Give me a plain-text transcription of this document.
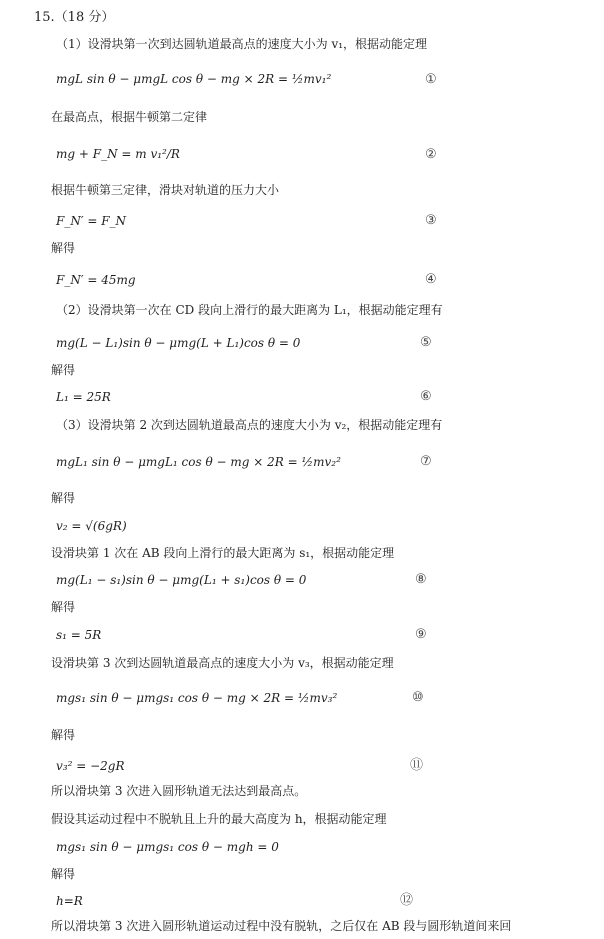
15.（18 分）
（1）设滑块第一次到达圆轨道最高点的速度大小为 v₁，根据动能定理
mgL sin θ − μmgL cos θ − mg × 2R = ½mv₁²	①
在最高点，根据牛顿第二定律
mg + F_N = m v₁²/R	②
根据牛顿第三定律，滑块对轨道的压力大小
F_N′ = F_N	③
解得
F_N′ = 45mg	④
（2）设滑块第一次在 CD 段向上滑行的最大距离为 L₁，根据动能定理有
mg(L − L₁)sin θ − μmg(L + L₁)cos θ = 0	⑤
解得
L₁ = 25R	⑥
（3）设滑块第 2 次到达圆轨道最高点的速度大小为 v₂，根据动能定理有
mgL₁ sin θ − μmgL₁ cos θ − mg × 2R = ½mv₂²	⑦
解得
v₂ = √(6gR)
设滑块第 1 次在 AB 段向上滑行的最大距离为 s₁，根据动能定理
mg(L₁ − s₁)sin θ − μmg(L₁ + s₁)cos θ = 0	⑧
解得
s₁ = 5R	⑨
设滑块第 3 次到达圆轨道最高点的速度大小为 v₃，根据动能定理
mgs₁ sin θ − μmgs₁ cos θ − mg × 2R = ½mv₃²	⑩
解得
v₃² = −2gR	⑪
所以滑块第 3 次进入圆形轨道无法达到最高点。
假设其运动过程中不脱轨且上升的最大高度为 h，根据动能定理
mgs₁ sin θ − μmgs₁ cos θ − mgh = 0
解得
h=R	⑫
所以滑块第 3 次进入圆形轨道运动过程中没有脱轨，之后仅在 AB 段与圆形轨道间来回
